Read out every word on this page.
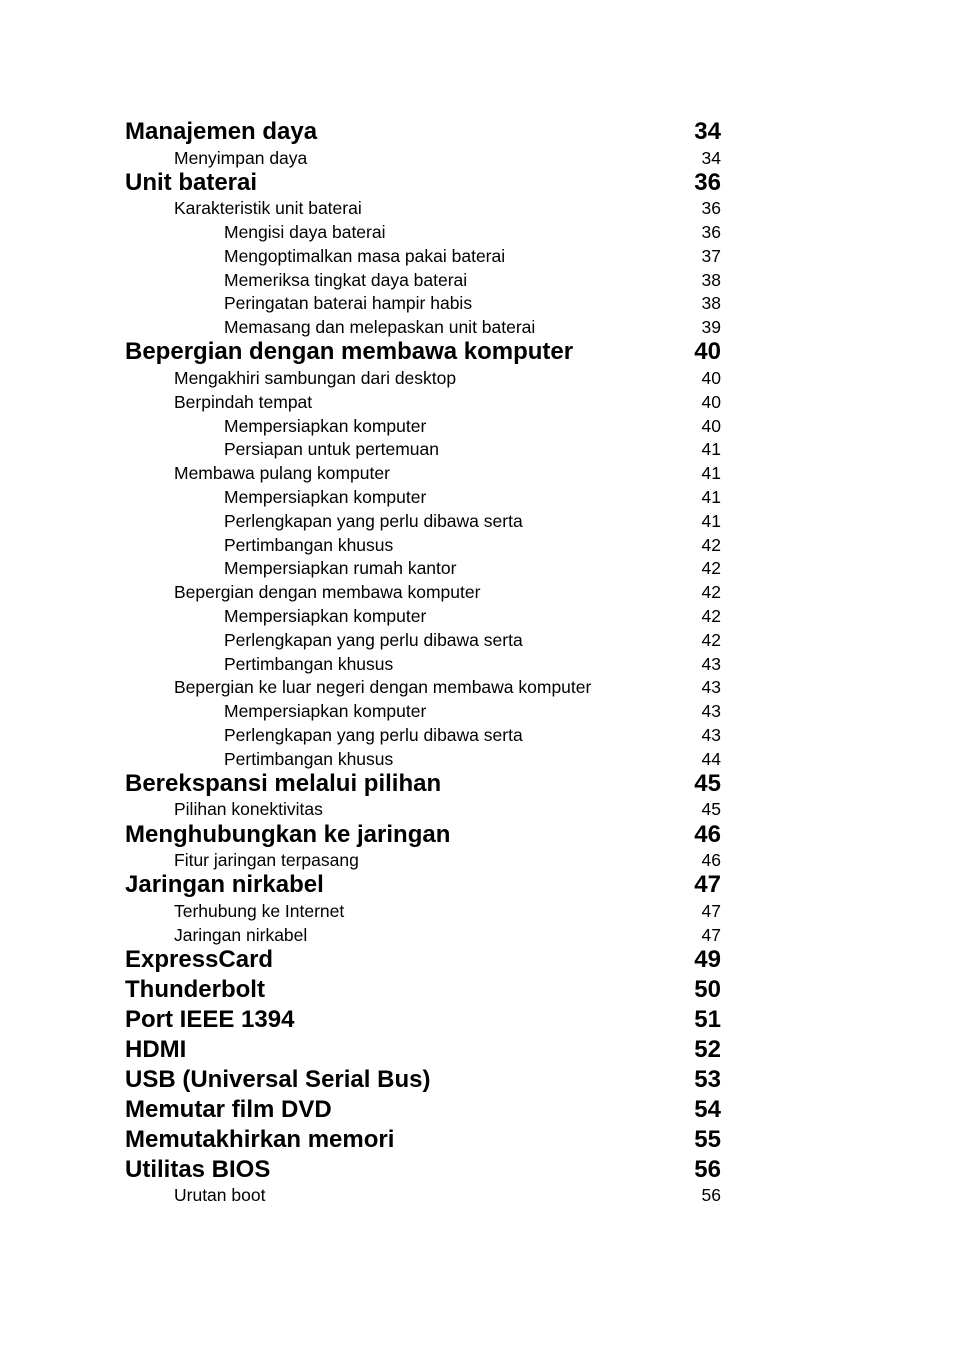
Manajemen daya	34
Menyimpan daya	34
Unit baterai	36
Karakteristik unit baterai	36
Mengisi daya baterai	36
Mengoptimalkan masa pakai baterai	37
Memeriksa tingkat daya baterai	38
Peringatan baterai hampir habis	38
Memasang dan melepaskan unit baterai	39
Bepergian dengan membawa komputer	40
Mengakhiri sambungan dari desktop	40
Berpindah tempat	40
Mempersiapkan komputer	40
Persiapan untuk pertemuan	41
Membawa pulang komputer	41
Mempersiapkan komputer	41
Perlengkapan yang perlu dibawa serta	41
Pertimbangan khusus	42
Mempersiapkan rumah kantor	42
Bepergian dengan membawa komputer	42
Mempersiapkan komputer	42
Perlengkapan yang perlu dibawa serta	42
Pertimbangan khusus	43
Bepergian ke luar negeri dengan membawa komputer	43
Mempersiapkan komputer	43
Perlengkapan yang perlu dibawa serta	43
Pertimbangan khusus	44
Berekspansi melalui pilihan	45
Pilihan konektivitas	45
Menghubungkan ke jaringan	46
Fitur jaringan terpasang	46
Jaringan nirkabel	47
Terhubung ke Internet	47
Jaringan nirkabel	47
ExpressCard	49
Thunderbolt	50
Port IEEE 1394	51
HDMI	52
USB (Universal Serial Bus)	53
Memutar film DVD	54
Memutakhirkan memori	55
Utilitas BIOS	56
Urutan boot	56
